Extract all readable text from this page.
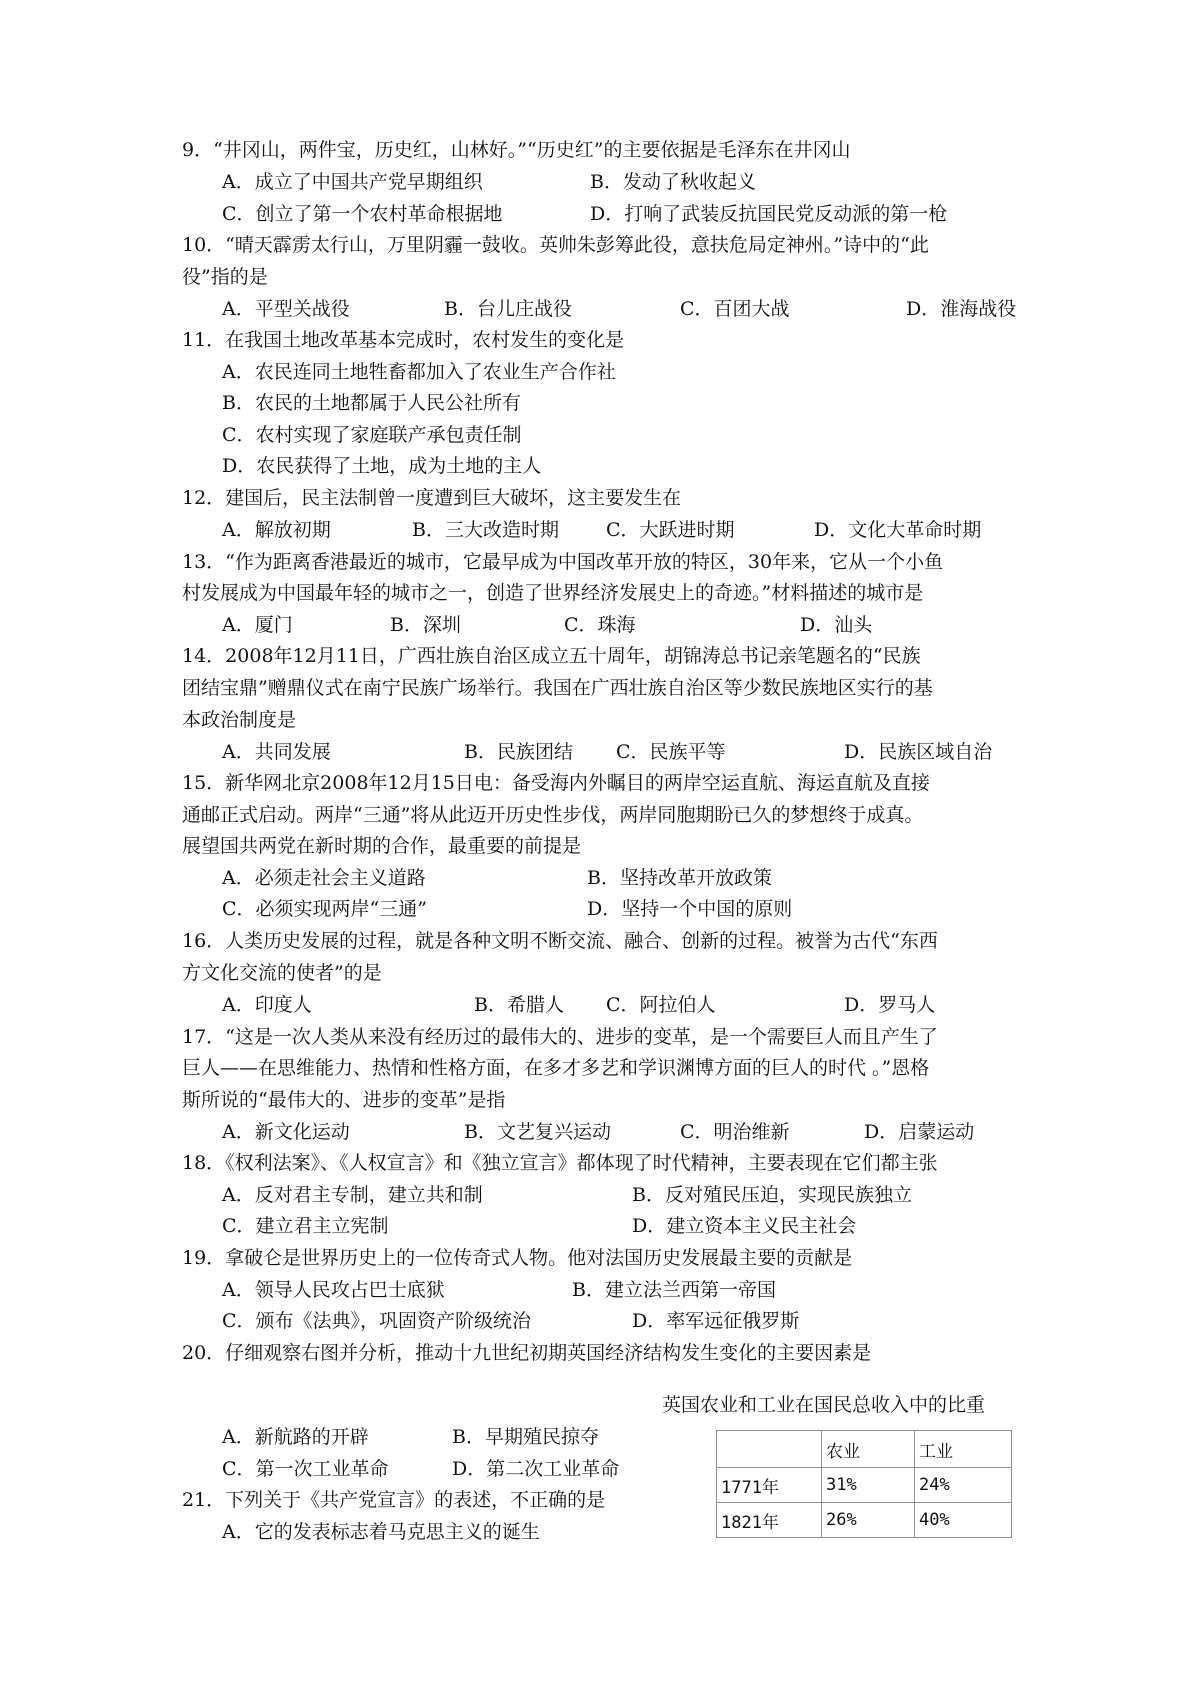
9．“井冈山，两件宝，历史红，山林好。”“历史红”的主要依据是毛泽东在井冈山
A．成立了中国共产党早期组织	B．发动了秋收起义
C．创立了第一个农村革命根据地	D．打响了武装反抗国民党反动派的第一枪
10．“晴天霹雳太行山，万里阴霾一鼓收。英帅朱彭筹此役，意扶危局定神州。”诗中的“此
役”指的是
A．平型关战役	B．台儿庄战役	C．百团大战	D．淮海战役
11．在我国土地改革基本完成时，农村发生的变化是
A．农民连同土地牲畜都加入了农业生产合作社
B．农民的土地都属于人民公社所有
C．农村实现了家庭联产承包责任制
D．农民获得了土地，成为土地的主人
12．建国后，民主法制曾一度遭到巨大破坏，这主要发生在
A．解放初期	B．三大改造时期 C．大跃进时期	D．文化大革命时期
13．“作为距离香港最近的城市，它最早成为中国改革开放的特区，30年来，它从一个小鱼
村发展成为中国最年轻的城市之一，创造了世界经济发展史上的奇迹。”材料描述的城市是
A．厦门	B．深圳	C．珠海	D．汕头
14．2008年12月11日，广西壮族自治区成立五十周年，胡锦涛总书记亲笔题名的“民族
团结宝鼎”赠鼎仪式在南宁民族广场举行。我国在广西壮族自治区等少数民族地区实行的基
本政治制度是
A．共同发展	B．民族团结 C．民族平等	D．民族区域自治
15．新华网北京2008年12月15日电：备受海内外瞩目的两岸空运直航、海运直航及直接
通邮正式启动。两岸“三通”将从此迈开历史性步伐，两岸同胞期盼已久的梦想终于成真。
展望国共两党在新时期的合作，最重要的前提是
A．必须走社会主义道路	B．坚持改革开放政策
C．必须实现两岸“三通”	D．坚持一个中国的原则
16．人类历史发展的过程，就是各种文明不断交流、融合、创新的过程。被誉为古代“东西
方文化交流的使者”的是
A．印度人	B．希腊人 C．阿拉伯人	D．罗马人
17．“这是一次人类从来没有经历过的最伟大的、进步的变革，是一个需要巨人而且产生了
巨人——在思维能力、热情和性格方面，在多才多艺和学识渊博方面的巨人的时代 。”恩格
斯所说的“最伟大的、进步的变革”是指
A．新文化运动	B．文艺复兴运动	C．明治维新	D．启蒙运动
18．《权利法案》、《人权宣言》和《独立宣言》都体现了时代精神，主要表现在它们都主张
A．反对君主专制，建立共和制	B．反对殖民压迫，实现民族独立
C．建立君主立宪制	D．建立资本主义民主社会
19．拿破仑是世界历史上的一位传奇式人物。他对法国历史发展最主要的贡献是
A．领导人民攻占巴士底狱	B．建立法兰西第一帝国
C．颁布《法典》，巩固资产阶级统治	D．率军远征俄罗斯
20．仔细观察右图并分析，推动十九世纪初期英国经济结构发生变化的主要因素是
英国农业和工业在国民总收入中的比重
A．新航路的开辟	B．早期殖民掠夺
C．第一次工业革命	D．第二次工业革命
21．下列关于《共产党宣言》的表述，不正确的是
A．它的发表标志着马克思主义的诞生
	农业	工业
1771年	31%	24%
1821年	26%	40%
